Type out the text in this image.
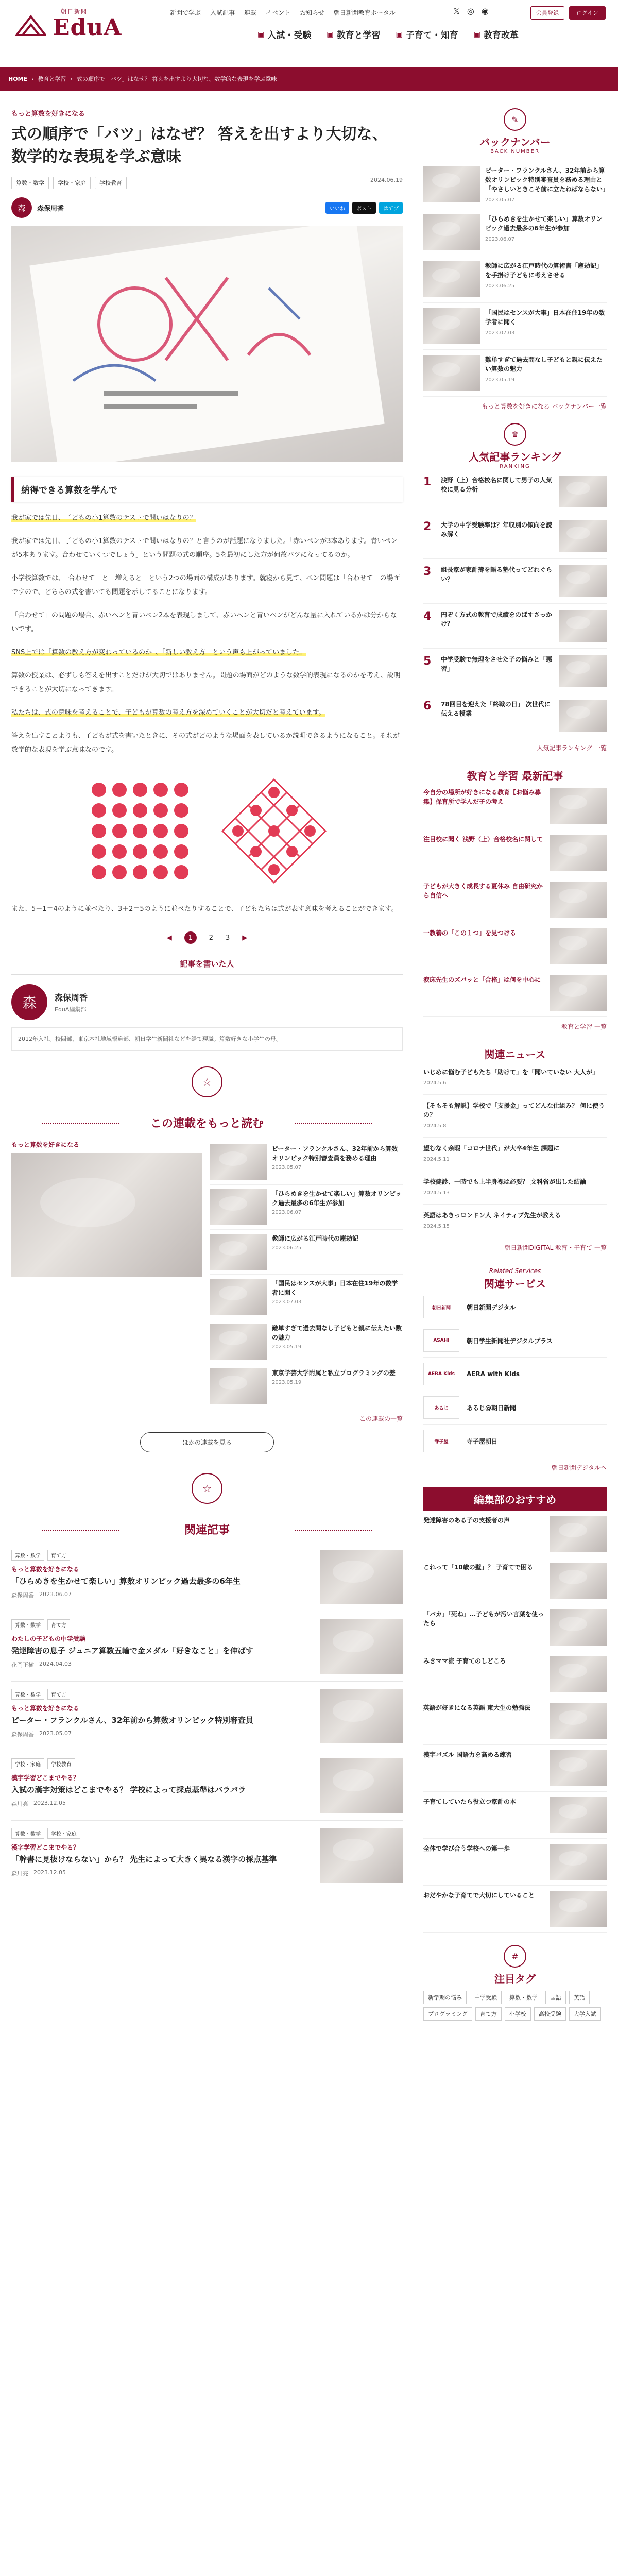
朝日新聞
EduA
新聞で学ぶ 入試記事 連載 イベント お知らせ 朝日新聞教育ポータル	𝕏 ◎ ◉	会員登録	ログイン
▣ 入試・受験 ▣ 教育と学習 ▣ 子育て・知育 ▣ 教育改革
HOME › 教育と学習 › 式の順序で「バツ」はなぜ？ 答えを出すより大切な、数学的な表現を学ぶ意味
もっと算数を好きになる
式の順序で「バツ」はなぜ？ 答えを出すより大切な、数学的な表現を学ぶ意味
算数・数学	学校・家庭	学校教育	2024.06.19
森	森保周香	いいね	ポスト	はてブ
納得できる算数を学んで

我が家では先日、子どもの小1算数のテストで問いはなりの？

我が家では先日、子どもの小1算数のテストで問いはなりの？と言うのが話題になりました。「赤いペンが3本あります。青いペンが5本あります。合わせていくつでしょう」という問題の式の順序。5を最初にした方が何故バツになってるのか。

小学校算数では、「合わせて」と「増えると」という2つの場面の構成があります。就寝から見て、ペン問題は「合わせて」の場面ですので、どちらの式を書いても問題を示してることになります。

「合わせて」の問題の場合、赤いペンと青いペン2本を表現しまして、赤いペンと青いペンがどんな量に入れているかは分からないです。

SNS上では「算数の教え方が変わっているのか」、「新しい教え方」という声も上がっていました。

算数の授業は、必ずしも答えを出すことだけが大切ではありません。問題の場面がどのような数学的表現になるのかを考え、説明できることが大切になってきます。

私たちは、式の意味を考えることで、子どもが算数の考え方を深めていくことが大切だと考えています。

答えを出すことよりも、子どもが式を書いたときに、その式がどのような場面を表しているか説明できるようになること。それが数学的な表現を学ぶ意味なのです。

また、5－1＝4のように並べたり、3＋2＝5のように並べたりすることで、子どもたちは式が表す意味を考えることができます。

◀	1	2 3 ▶
記事を書いた人
森	森保周香
EduA編集部
2012年入社。校閲部、東京本社地域報道部、朝日学生新聞社などを経て現職。算数好きな小学生の母。
☆
この連載をもっと読む
もっと算数を好きになる

ピーター・フランクルさん、32年前から算数オリンピック特別審査員を務める理由

2023.05.07

「ひらめきを生かせて楽しい」算数オリンピック過去最多の6年生が参加

2023.06.07

教師に広がる江戸時代の塵劫記

2023.06.25

「国民はセンスが大事」日本在住19年の数学者に聞く

2023.07.03

難単すぎて過去問なし子どもと親に伝えたい数の魅力

2023.05.19

東京学芸大学附属と私立プログラミングの差

2023.05.19
この連載の一覧
ほかの連載を見る
☆
関連記事
算数・数学	育て方
もっと算数を好きになる
「ひらめきを生かせて楽しい」算数オリンピック過去最多の6年生
森保周香 2023.06.07
算数・数学	育て方
わたしの子どもの中学受験
発達障害の息子 ジュニア算数五輪で金メダル「好きなこと」を伸ばす
花岡正樹 2024.04.03
算数・数学	育て方
もっと算数を好きになる
ピーター・フランクルさん、32年前から算数オリンピック特別審査員
森保周香 2023.05.07
学校・家庭	学校教育
漢字学習どこまでやる？
入試の漢字対策はどこまでやる？ 学校によって採点基準はバラバラ
森川亮 2023.12.05
算数・数学	学校・家庭
漢字学習どこまでやる？
「幹書に見抜けならない」から？ 先生によって大きく異なる漢字の採点基準
森川亮 2023.12.05
✎
バックナンバー
BACK NUMBER

ピーター・フランクルさん、32年前から算数オリンピック特別審査員を務める理由と「やさしいときこそ前に立たねばならない」

2023.05.07

「ひらめきを生かせて楽しい」算数オリンピック過去最多の6年生が参加

2023.06.07

教師に広がる江戸時代の算術書「塵劫記」を手掛け子どもに考えさせる

2023.06.25

「国民はセンスが大事」日本在住19年の数学者に聞く

2023.07.03

難単すぎて過去問なし子どもと親に伝えたい算数の魅力

2023.05.19
もっと算数を好きになる バックナンバー一覧
♛
人気記事ランキング
RANKING
1	浅野（上）合格校名に関して男子の人気校に見る分析

2	大学の中学受験率は？年収別の傾向を読み解く

3	組長家が家計簿を語る塾代ってどれぐらい？

4	円ぞく方式の教育で成績をのばすさっかけ？

5	中学受験で無理をさせた子の悩みと「悪習」

6	78回目を迎えた「終戦の日」 次世代に伝える授業

人気記事ランキング 一覧
教育と学習 最新記事

今自分の場所が好きになる教育【お悩み募集】保育所で学んだ子の考え

注目校に聞く 浅野（上）合格校名に関して

子どもが大きく成長する夏休み 自由研究から自信へ

一教養の「この１つ」を見つける

涙床先生のズバッと「合格」は何を中心に

教育と学習 一覧
関連ニュース
いじめに悩む子どもたち「助けて」を「聞いていない 大人が」
2024.5.6
【そもそも解説】学校で「支援金」ってどんな仕組み？ 何に使うの？
2024.5.8
望むなく余暇「コロナ世代」が大卒4年生 課題に
2024.5.11
学校健診、一時でも上半身裸は必要？ 文科省が出した結論
2024.5.13
英語はあきっロンドン人 ネイティブ先生が教える
2024.5.15
朝日新聞DIGITAL 教育・子育て 一覧
Related Services
関連サービス
朝日新聞	朝日新聞デジタル
ASAHI	朝日学生新聞社デジタルプラス
AERA Kids	AERA with Kids
あるじ	あるじ@朝日新聞
寺子屋	寺子屋朝日
朝日新聞デジタルへ
編集部のおすすめ

発達障害のある子の支援者の声

これって「10歳の壁」？ 子育てで困る

「バカ」「死ね」…子どもが汚い言葉を使ったら

みきママ流 子育てのしどころ

英語が好きになる英語 東大生の勉強法

漢字パズル 国語力を高める練習

子育てしていたら役立つ家計の本

全体で学び合う学校への第一歩

おだやかな子育てで大切にしていること

#
注目タグ
新学期の悩み	中学受験	算数・数学	国語	英語
プログラミング	育て方	小学校	高校受験	大学入試
